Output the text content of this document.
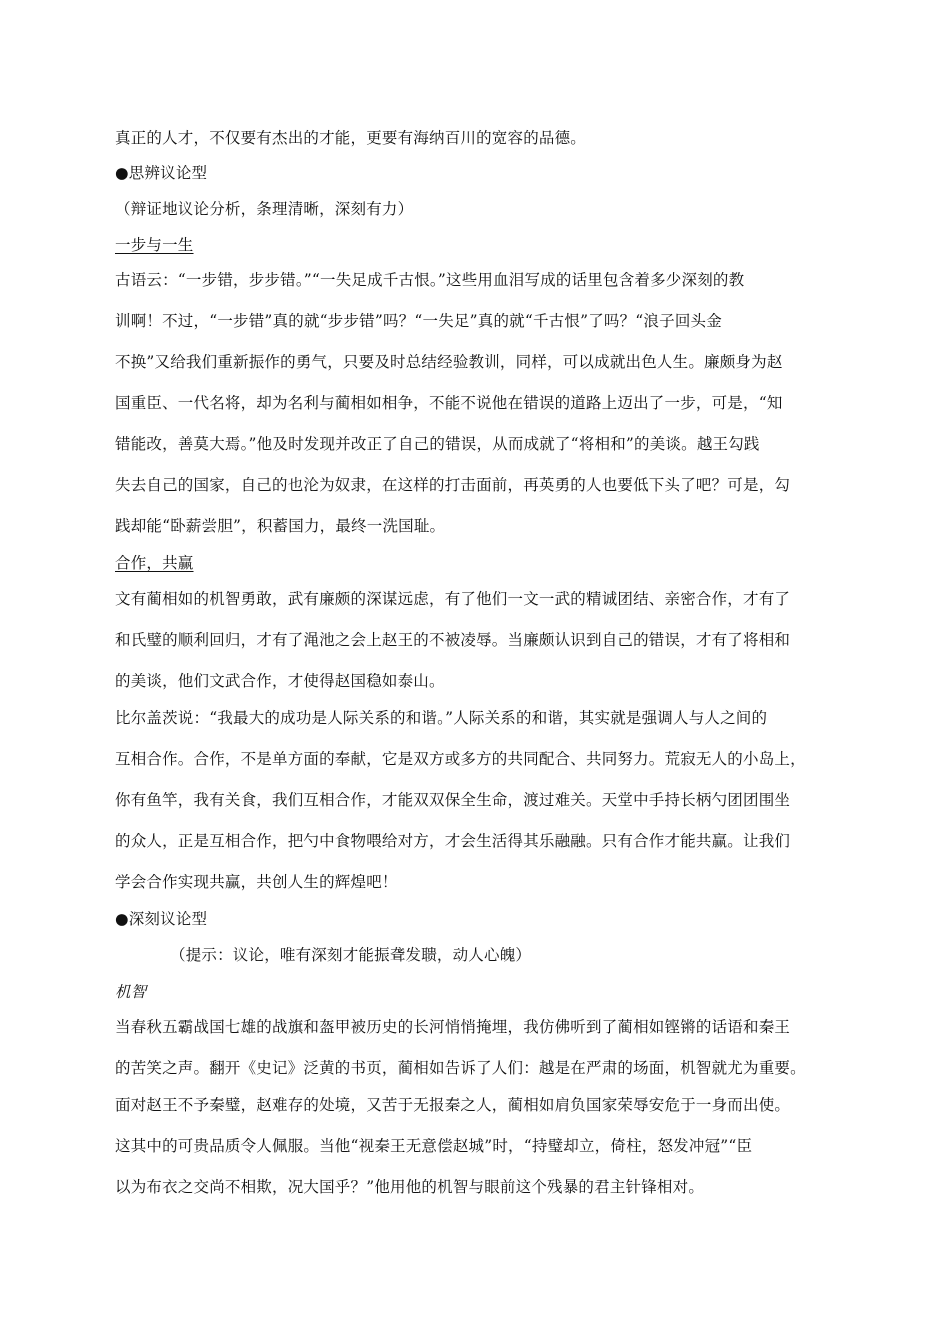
真正的人才，不仅要有杰出的才能，更要有海纳百川的宽容的品德。
●思辨议论型
（辩证地议论分析，条理清晰，深刻有力）
一步与一生
古语云：“一步错，步步错。”“一失足成千古恨。”这些用血泪写成的话里包含着多少深刻的教
训啊！不过，“一步错”真的就“步步错”吗？“一失足”真的就“千古恨”了吗？“浪子回头金
不换”又给我们重新振作的勇气，只要及时总结经验教训，同样，可以成就出色人生。廉颇身为赵
国重臣、一代名将，却为名利与蔺相如相争，不能不说他在错误的道路上迈出了一步，可是，“知
错能改，善莫大焉。”他及时发现并改正了自己的错误，从而成就了“将相和”的美谈。越王勾践
失去自己的国家，自己的也沦为奴隶，在这样的打击面前，再英勇的人也要低下头了吧？可是，勾
践却能“卧薪尝胆”，积蓄国力，最终一洗国耻。
合作，共赢
文有蔺相如的机智勇敢，武有廉颇的深谋远虑，有了他们一文一武的精诚团结、亲密合作，才有了
和氏璧的顺利回归，才有了渑池之会上赵王的不被凌辱。当廉颇认识到自己的错误，才有了将相和
的美谈，他们文武合作，才使得赵国稳如泰山。
比尔盖茨说：“我最大的成功是人际关系的和谐。”人际关系的和谐，其实就是强调人与人之间的
互相合作。合作，不是单方面的奉献，它是双方或多方的共同配合、共同努力。荒寂无人的小岛上，
你有鱼竿，我有关食，我们互相合作，才能双双保全生命，渡过难关。天堂中手持长柄勺团团围坐
的众人，正是互相合作，把勺中食物喂给对方，才会生活得其乐融融。只有合作才能共赢。让我们
学会合作实现共赢，共创人生的辉煌吧！
●深刻议论型
（提示：议论，唯有深刻才能振聋发聩，动人心魄）
机智
当春秋五霸战国七雄的战旗和盔甲被历史的长河悄悄掩埋，我仿佛听到了蔺相如铿锵的话语和秦王
的苦笑之声。翻开《史记》泛黄的书页，蔺相如告诉了人们：越是在严肃的场面，机智就尤为重要。
面对赵王不予秦璧，赵难存的处境，又苦于无报秦之人，蔺相如肩负国家荣辱安危于一身而出使。
这其中的可贵品质令人佩服。当他“视秦王无意偿赵城”时，“持璧却立，倚柱，怒发冲冠”“臣
以为布衣之交尚不相欺，况大国乎？”他用他的机智与眼前这个残暴的君主针锋相对。
